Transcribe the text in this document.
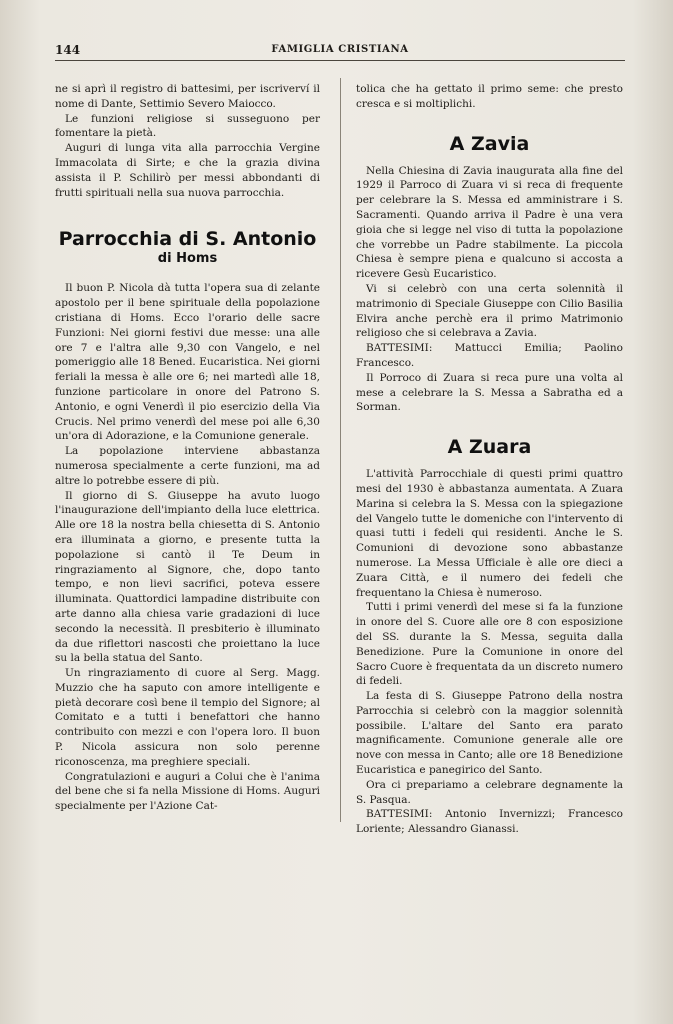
144	FAMIGLIA CRISTIANA

ne si aprì il registro di battesimi, per iscriverví il nome di Dante, Settimio Severo Maiocco.

Le funzioni religiose si susseguono per fomentare la pietà.

Auguri di lunga vita alla parrocchia Vergine Immacolata di Sirte; e che la grazia divina assista il P. Schilirò per messi abbondanti di frutti spirituali nella sua nuova parrocchia.

Parrocchia di S. Antonio
di Homs

Il buon P. Nicola dà tutta l'opera sua di zelante apostolo per il bene spirituale della popolazione cristiana di Homs. Ecco l'orario delle sacre Funzioni: Nei giorni festivi due messe: una alle ore 7 e l'altra alle 9,30 con Vangelo, e nel pomeriggio alle 18 Bened. Eucaristica. Nei giorni feriali la messa è alle ore 6; nei martedì alle 18, funzione particolare in onore del Patrono S. Antonio, e ogni Venerdì il pio esercizio della Via Crucis. Nel primo venerdì del mese poi alle 6,30 un'ora di Adorazione, e la Comunione generale.

La popolazione interviene abbastanza numerosa specialmente a certe funzioni, ma ad altre lo potrebbe essere di più.

Il giorno di S. Giuseppe ha avuto luogo l'inaugurazione dell'impianto della luce elettrica. Alle ore 18 la nostra bella chiesetta di S. Antonio era illuminata a giorno, e presente tutta la popolazione si cantò il Te Deum in ringraziamento al Signore, che, dopo tanto tempo, e non lievi sacrifici, poteva essere illuminata. Quattordici lampadine distribuite con arte danno alla chiesa varie gradazioni di luce secondo la necessità. Il presbiterio è illuminato da due riflettori nascosti che proiettano la luce su la bella statua del Santo.

Un ringraziamento di cuore al Serg. Magg. Muzzio che ha saputo con amore intelligente e pietà decorare così bene il tempio del Signore; al Comitato e a tutti i benefattori che hanno contribuito con mezzi e con l'opera loro. Il buon P. Nicola assicura non solo perenne riconoscenza, ma preghiere speciali.

Congratulazioni e auguri a Colui che è l'anima del bene che si fa nella Missione di Homs. Auguri specialmente per l'Azione Cat-

tolica che ha gettato il primo seme: che presto cresca e si moltiplichi.

A Zavia

Nella Chiesina di Zavia inaugurata alla fine del 1929 il Parroco di Zuara vi si reca di frequente per celebrare la S. Messa ed amministrare i S. Sacramenti. Quando arriva il Padre è una vera gioia che si legge nel viso di tutta la popolazione che vorrebbe un Padre stabilmente. La piccola Chiesa è sempre piena e qualcuno si accosta a ricevere Gesù Eucaristico.

Vi si celebrò con una certa solennità il matrimonio di Speciale Giuseppe con Cilio Basilia Elvira anche perchè era il primo Matrimonio religioso che si celebrava a Zavia.

BATTESIMI: Mattucci Emilia; Paolino Francesco.

Il Porroco di Zuara si reca pure una volta al mese a celebrare la S. Messa a Sabratha ed a Sorman.

A Zuara

L'attività Parrocchiale di questi primi quattro mesi del 1930 è abbastanza aumentata. A Zuara Marina si celebra la S. Messa con la spiegazione del Vangelo tutte le domeniche con l'intervento di quasi tutti i fedeli qui residenti. Anche le S. Comunioni di devozione sono abbastanze numerose. La Messa Ufficiale è alle ore dieci a Zuara Città, e il numero dei fedeli che frequentano la Chiesa è numeroso.

Tutti i primi venerdì del mese si fa la funzione in onore del S. Cuore alle ore 8 con esposizione del SS. durante la S. Messa, seguita dalla Benedizione. Pure la Comunione in onore del Sacro Cuore è frequentata da un discreto numero di fedeli.

La festa di S. Giuseppe Patrono della nostra Parrocchia si celebrò con la maggior solennità possibile. L'altare del Santo era parato magnificamente. Comunione generale alle ore nove con messa in Canto; alle ore 18 Benedizione Eucaristica e panegirico del Santo.

Ora ci prepariamo a celebrare degnamente la S. Pasqua.

BATTESIMI: Antonio Invernizzi; Francesco Loriente; Alessandro Gianassi.
